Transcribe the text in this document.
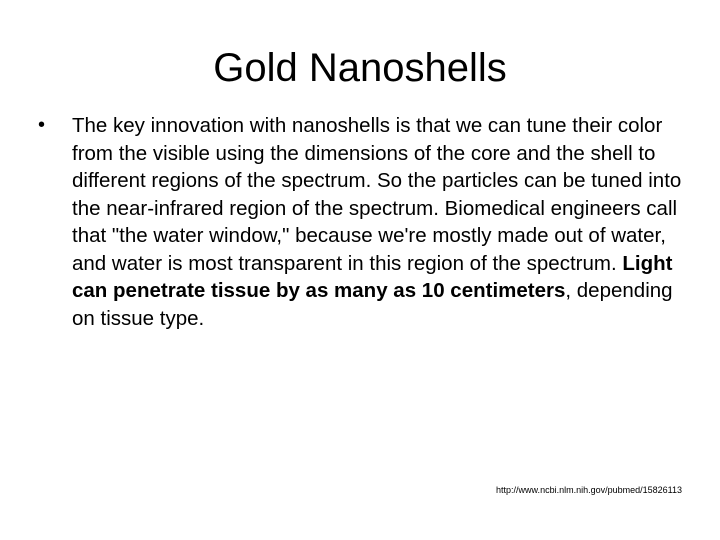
Gold Nanoshells
• The key innovation with nanoshells is that we can tune their color from the visible using the dimensions of the core and the shell to different regions of the spectrum. So the particles can be tuned into the near-infrared region of the spectrum. Biomedical engineers call that "the water window," because we're mostly made out of water, and water is most transparent in this region of the spectrum. Light can penetrate tissue by as many as 10 centimeters, depending on tissue type.
http://www.ncbi.nlm.nih.gov/pubmed/15826113
